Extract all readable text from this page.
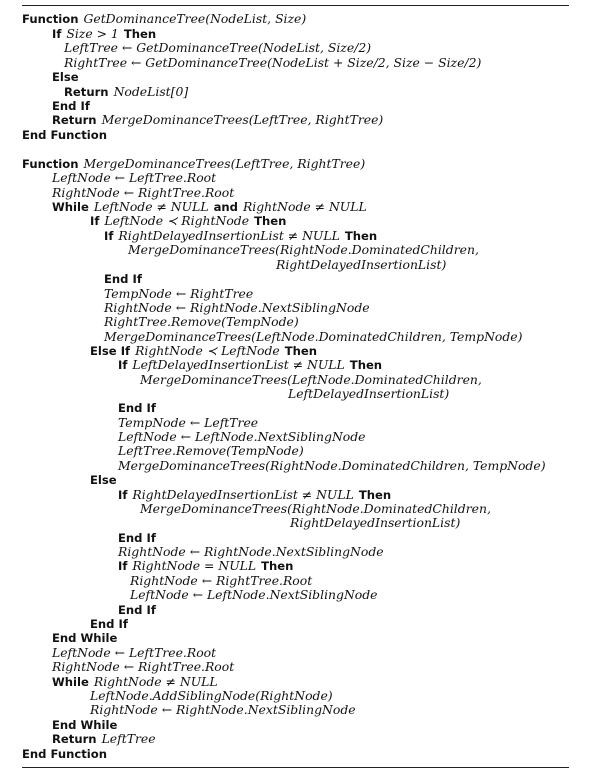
Function GetDominanceTree(NodeList, Size)
If Size > 1 Then
LeftTree ← GetDominanceTree(NodeList, Size/2)
RightTree ← GetDominanceTree(NodeList + Size/2, Size − Size/2)
Else
Return NodeList[0]
End If
Return MergeDominanceTrees(LeftTree, RightTree)
End Function
Function MergeDominanceTrees(LeftTree, RightTree)
LeftNode ← LeftTree.Root
RightNode ← RightTree.Root
While LeftNode ≠ NULL and RightNode ≠ NULL
If LeftNode ≺ RightNode Then
If RightDelayedInsertionList ≠ NULL Then
MergeDominanceTrees(RightNode.DominatedChildren,
RightDelayedInsertionList)
End If
TempNode ← RightTree
RightNode ← RightNode.NextSiblingNode
RightTree.Remove(TempNode)
MergeDominanceTrees(LeftNode.DominatedChildren, TempNode)
Else If RightNode ≺ LeftNode Then
If LeftDelayedInsertionList ≠ NULL Then
MergeDominanceTrees(LeftNode.DominatedChildren,
LeftDelayedInsertionList)
End If
TempNode ← LeftTree
LeftNode ← LeftNode.NextSiblingNode
LeftTree.Remove(TempNode)
MergeDominanceTrees(RightNode.DominatedChildren, TempNode)
Else
If RightDelayedInsertionList ≠ NULL Then
MergeDominanceTrees(RightNode.DominatedChildren,
RightDelayedInsertionList)
End If
RightNode ← RightNode.NextSiblingNode
If RightNode = NULL Then
RightNode ← RightTree.Root
LeftNode ← LeftNode.NextSiblingNode
End If
End If
End While
LeftNode ← LeftTree.Root
RightNode ← RightTree.Root
While RightNode ≠ NULL
LeftNode.AddSiblingNode(RightNode)
RightNode ← RightNode.NextSiblingNode
End While
Return LeftTree
End Function
